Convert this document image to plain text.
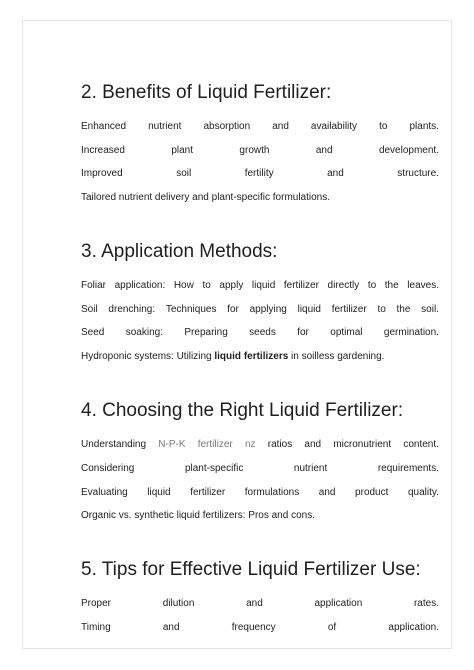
2. Benefits of Liquid Fertilizer:
Enhanced nutrient absorption and availability to plants.
Increased	plant	growth	and	development.
Improved	soil	fertility	and	structure.
Tailored nutrient delivery and plant-specific formulations.
3. Application Methods:
Foliar application: How to apply liquid fertilizer directly to the leaves.
Soil drenching: Techniques for applying liquid fertilizer to the soil.
Seed soaking: Preparing seeds for optimal germination.
Hydroponic systems: Utilizing liquid fertilizers in soilless gardening.
4. Choosing the Right Liquid Fertilizer:
Understanding N-P-K fertilizer nz ratios and micronutrient content.
Considering	plant-specific	nutrient	requirements.
Evaluating liquid fertilizer formulations and product quality.
Organic vs. synthetic liquid fertilizers: Pros and cons.
5. Tips for Effective Liquid Fertilizer Use:
Proper	dilution	and	application	rates.
Timing	and	frequency	of	application.
